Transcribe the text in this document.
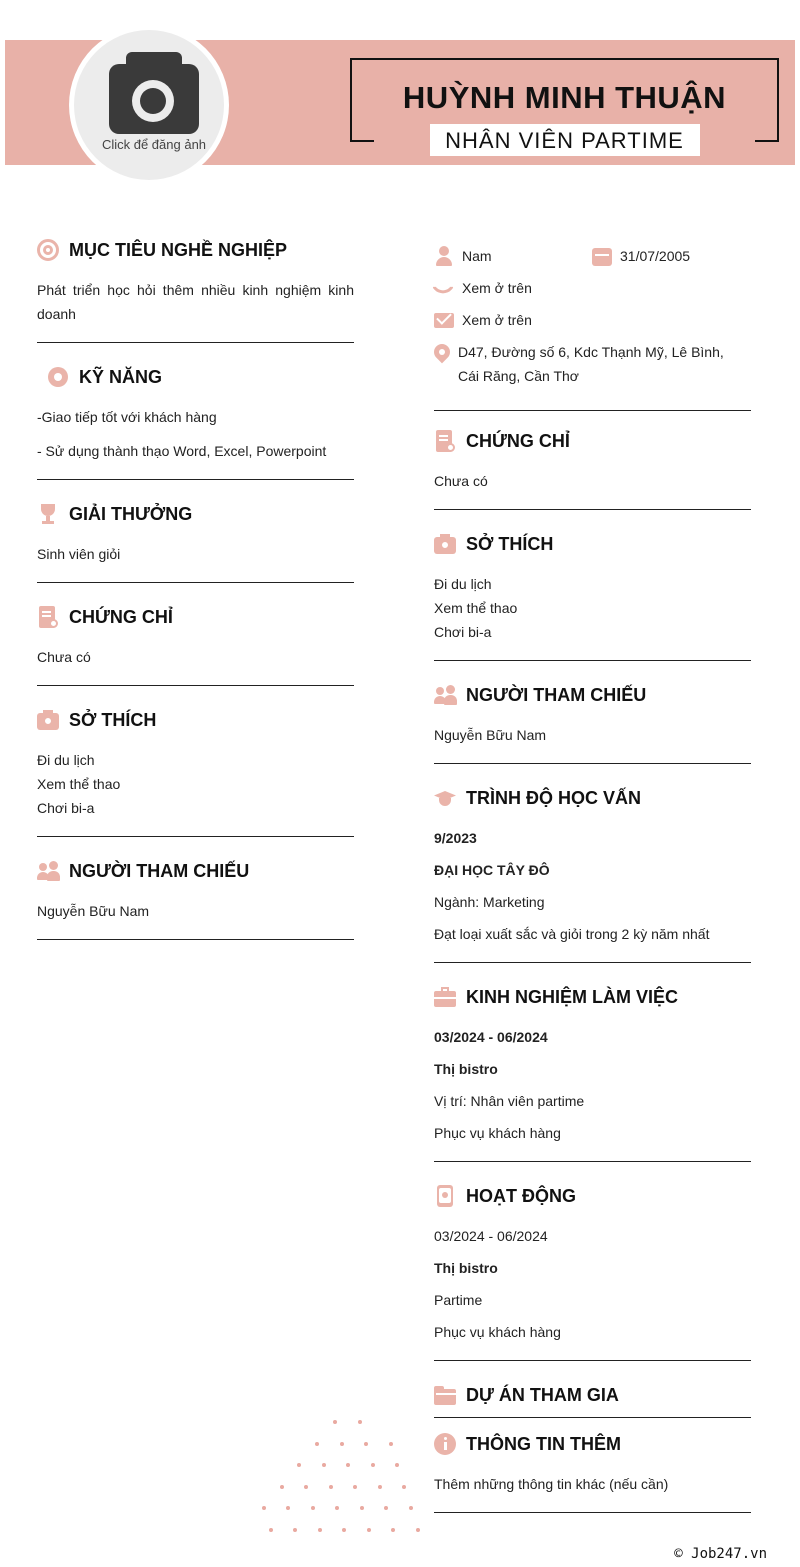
Click để đăng ảnh
HUỲNH MINH THUẬN
NHÂN VIÊN PARTIME
MỤC TIÊU NGHỀ NGHIỆP

Phát triển học hỏi thêm nhiều kinh nghiệm kinh doanh

KỸ NĂNG

-Giao tiếp tốt với khách hàng

- Sử dụng thành thạo Word, Excel, Powerpoint

GIẢI THƯỞNG

Sinh viên giỏi

CHỨNG CHỈ

Chưa có

SỞ THÍCH
Đi du lịch
Xem thể thao
Chơi bi-a
NGƯỜI THAM CHIẾU

Nguyễn Bữu Nam

Nam	31/07/2005
Xem ở trên
Xem ở trên
D47, Đường số 6, Kdc Thạnh Mỹ, Lê Bình, Cái Răng, Cần Thơ
CHỨNG CHỈ

Chưa có

SỞ THÍCH
Đi du lịch
Xem thể thao
Chơi bi-a
NGƯỜI THAM CHIẾU

Nguyễn Bữu Nam

TRÌNH ĐỘ HỌC VẤN

9/2023

ĐẠI HỌC TÂY ĐÔ

Ngành: Marketing

Đạt loại xuất sắc và giỏi trong 2 kỳ năm nhất

KINH NGHIỆM LÀM VIỆC

03/2024 - 06/2024

Thị bistro

Vị trí: Nhân viên partime

Phục vụ khách hàng

HOẠT ĐỘNG

03/2024 - 06/2024

Thị bistro

Partime

Phục vụ khách hàng

DỰ ÁN THAM GIA
THÔNG TIN THÊM

Thêm những thông tin khác (nếu cần)

© Job247.vn
